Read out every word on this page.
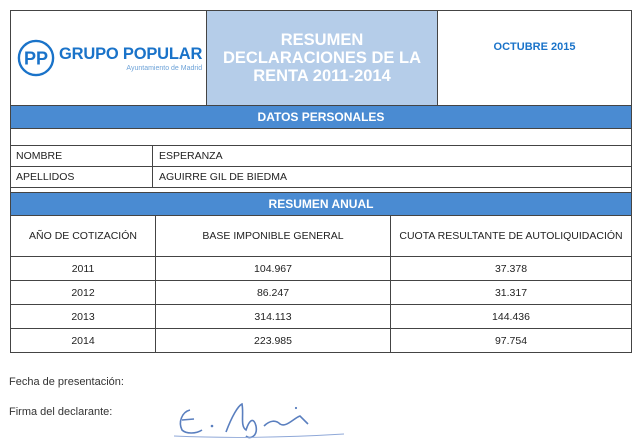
PP GRUPO POPULAR
Ayuntamiento de Madrid
RESUMEN
DECLARACIONES DE LA
RENTA 2011-2014
OCTUBRE 2015
DATOS PERSONALES
NOMBRE	ESPERANZA
APELLIDOS	AGUIRRE GIL DE BIEDMA
RESUMEN ANUAL
AÑO DE COTIZACIÓN	BASE IMPONIBLE GENERAL	CUOTA RESULTANTE DE AUTOLIQUIDACIÓN
2011	104.967	37.378
2012	86.247	31.317
2013	314.113	144.436
2014	223.985	97.754
Fecha de presentación:
Firma del declarante:
